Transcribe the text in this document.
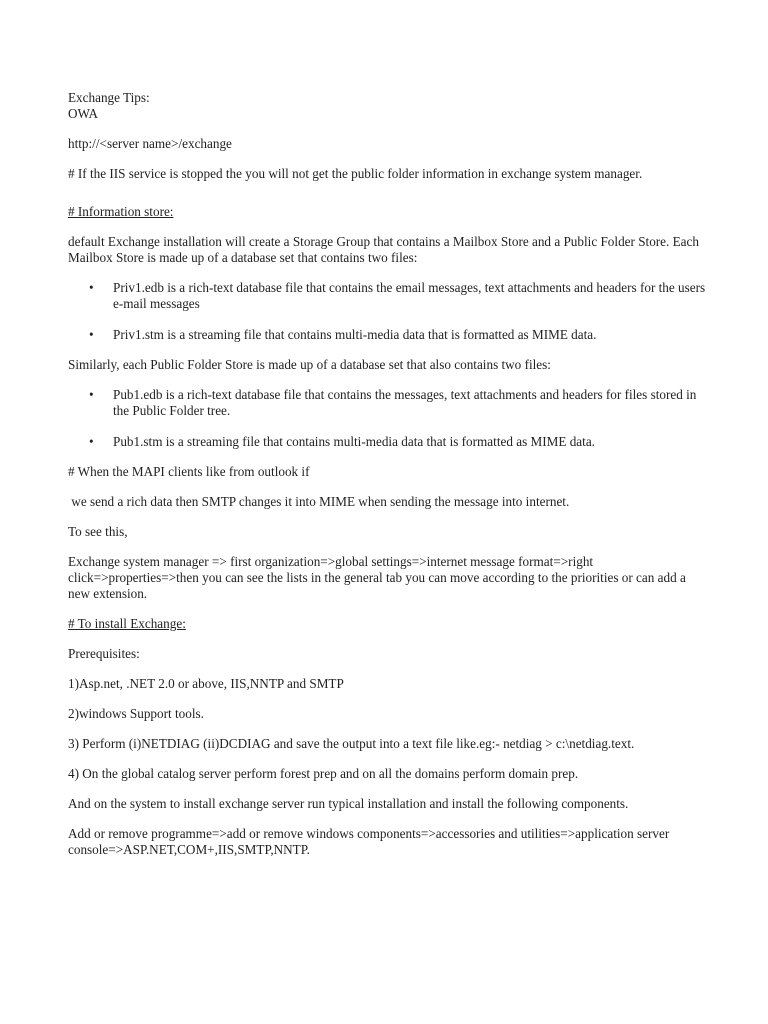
Exchange Tips:
OWA
http://<server name>/exchange
# If the IIS service is stopped the you will not get the public folder information in exchange system manager.
# Information store:
default Exchange installation will create a Storage Group that contains a Mailbox Store and a Public Folder Store. Each Mailbox Store is made up of a database set that contains two files:
• Priv1.edb is a rich-text database file that contains the email messages, text attachments and headers for the users e-mail messages
• Priv1.stm is a streaming file that contains multi-media data that is formatted as MIME data.
Similarly, each Public Folder Store is made up of a database set that also contains two files:
• Pub1.edb is a rich-text database file that contains the messages, text attachments and headers for files stored in the Public Folder tree.
• Pub1.stm is a streaming file that contains multi-media data that is formatted as MIME data.
# When the MAPI clients like from outlook if
we send a rich data then SMTP changes it into MIME when sending the message into internet.
To see this,
Exchange system manager => first organization=>global settings=>internet message format=>right click=>properties=>then you can see the lists in the general tab you can move according to the priorities or can add a new extension.
# To install Exchange:
Prerequisites:
1)Asp.net, .NET 2.0 or above, IIS,NNTP and SMTP
2)windows Support tools.
3) Perform (i)NETDIAG (ii)DCDIAG and save the output into a text file like.eg:- netdiag > c:\netdiag.text.
4) On the global catalog server perform forest prep and on all the domains perform domain prep.
And on the system to install exchange server run typical installation and install the following components.
Add or remove programme=>add or remove windows components=>accessories and utilities=>application server console=>ASP.NET,COM+,IIS,SMTP,NNTP.
